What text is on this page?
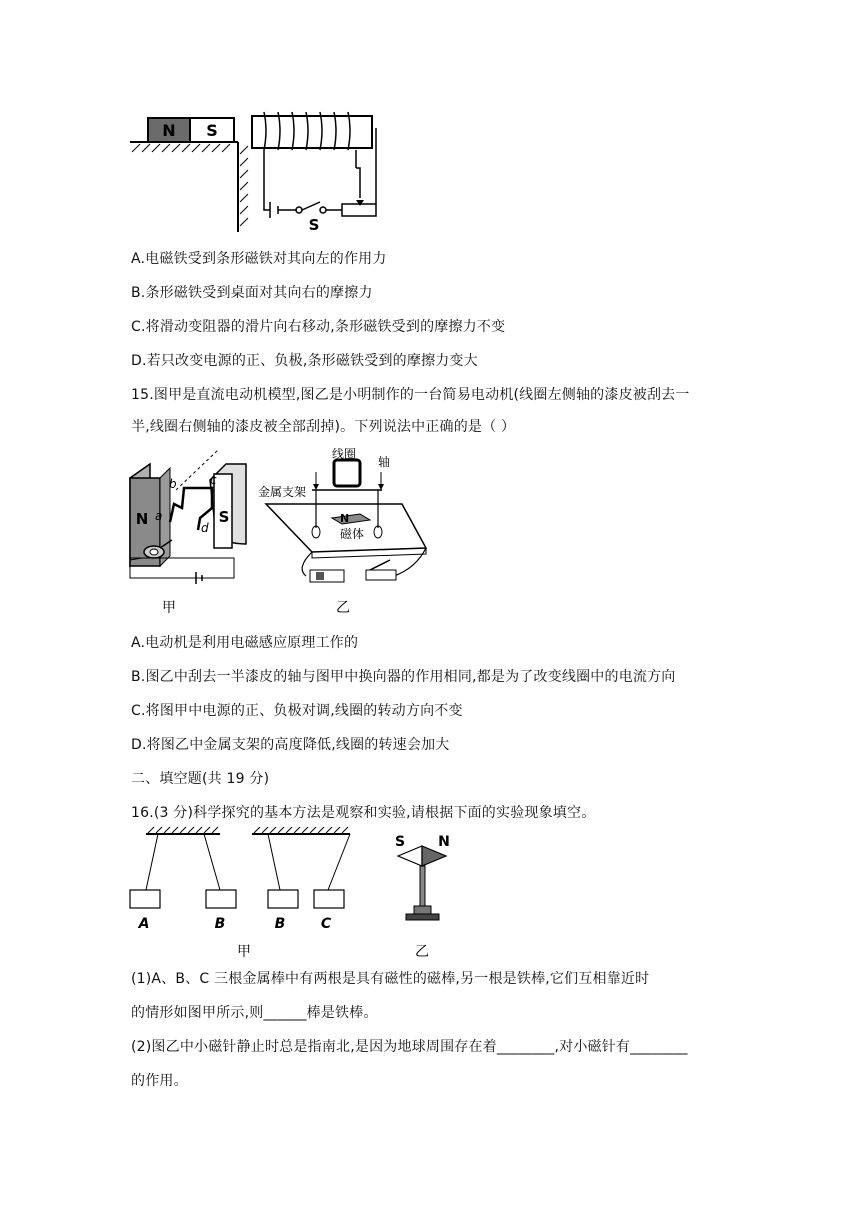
N S
S
A.电磁铁受到条形磁铁对其向左的作用力
B.条形磁铁受到桌面对其向右的摩擦力
C.将滑动变阻器的滑片向右移动,条形磁铁受到的摩擦力不变
D.若只改变电源的正、负极,条形磁铁受到的摩擦力变大
15.图甲是直流电动机模型,图乙是小明制作的一台简易电动机(线圈左侧轴的漆皮被刮去一
半,线圈右侧轴的漆皮被全部刮掉)。下列说法中正确的是（ ）
N	S
a
b	c
d
甲
线圈
轴
金属支架
磁体
N
乙
A.电动机是利用电磁感应原理工作的
B.图乙中刮去一半漆皮的轴与图甲中换向器的作用相同,都是为了改变线圈中的电流方向
C.将图甲中电源的正、负极对调,线圈的转动方向不变
D.将图乙中金属支架的高度降低,线圈的转速会加大
二、填空题(共 19 分)
16.(3 分)科学探究的基本方法是观察和实验,请根据下面的实验现象填空。
A	B	B	C
甲
S N
乙
(1)A、B、C 三根金属棒中有两根是具有磁性的磁棒,另一根是铁棒,它们互相靠近时
的情形如图甲所示,则______棒是铁棒。
(2)图乙中小磁针静止时总是指南北,是因为地球周围存在着________,对小磁针有________
的作用。
